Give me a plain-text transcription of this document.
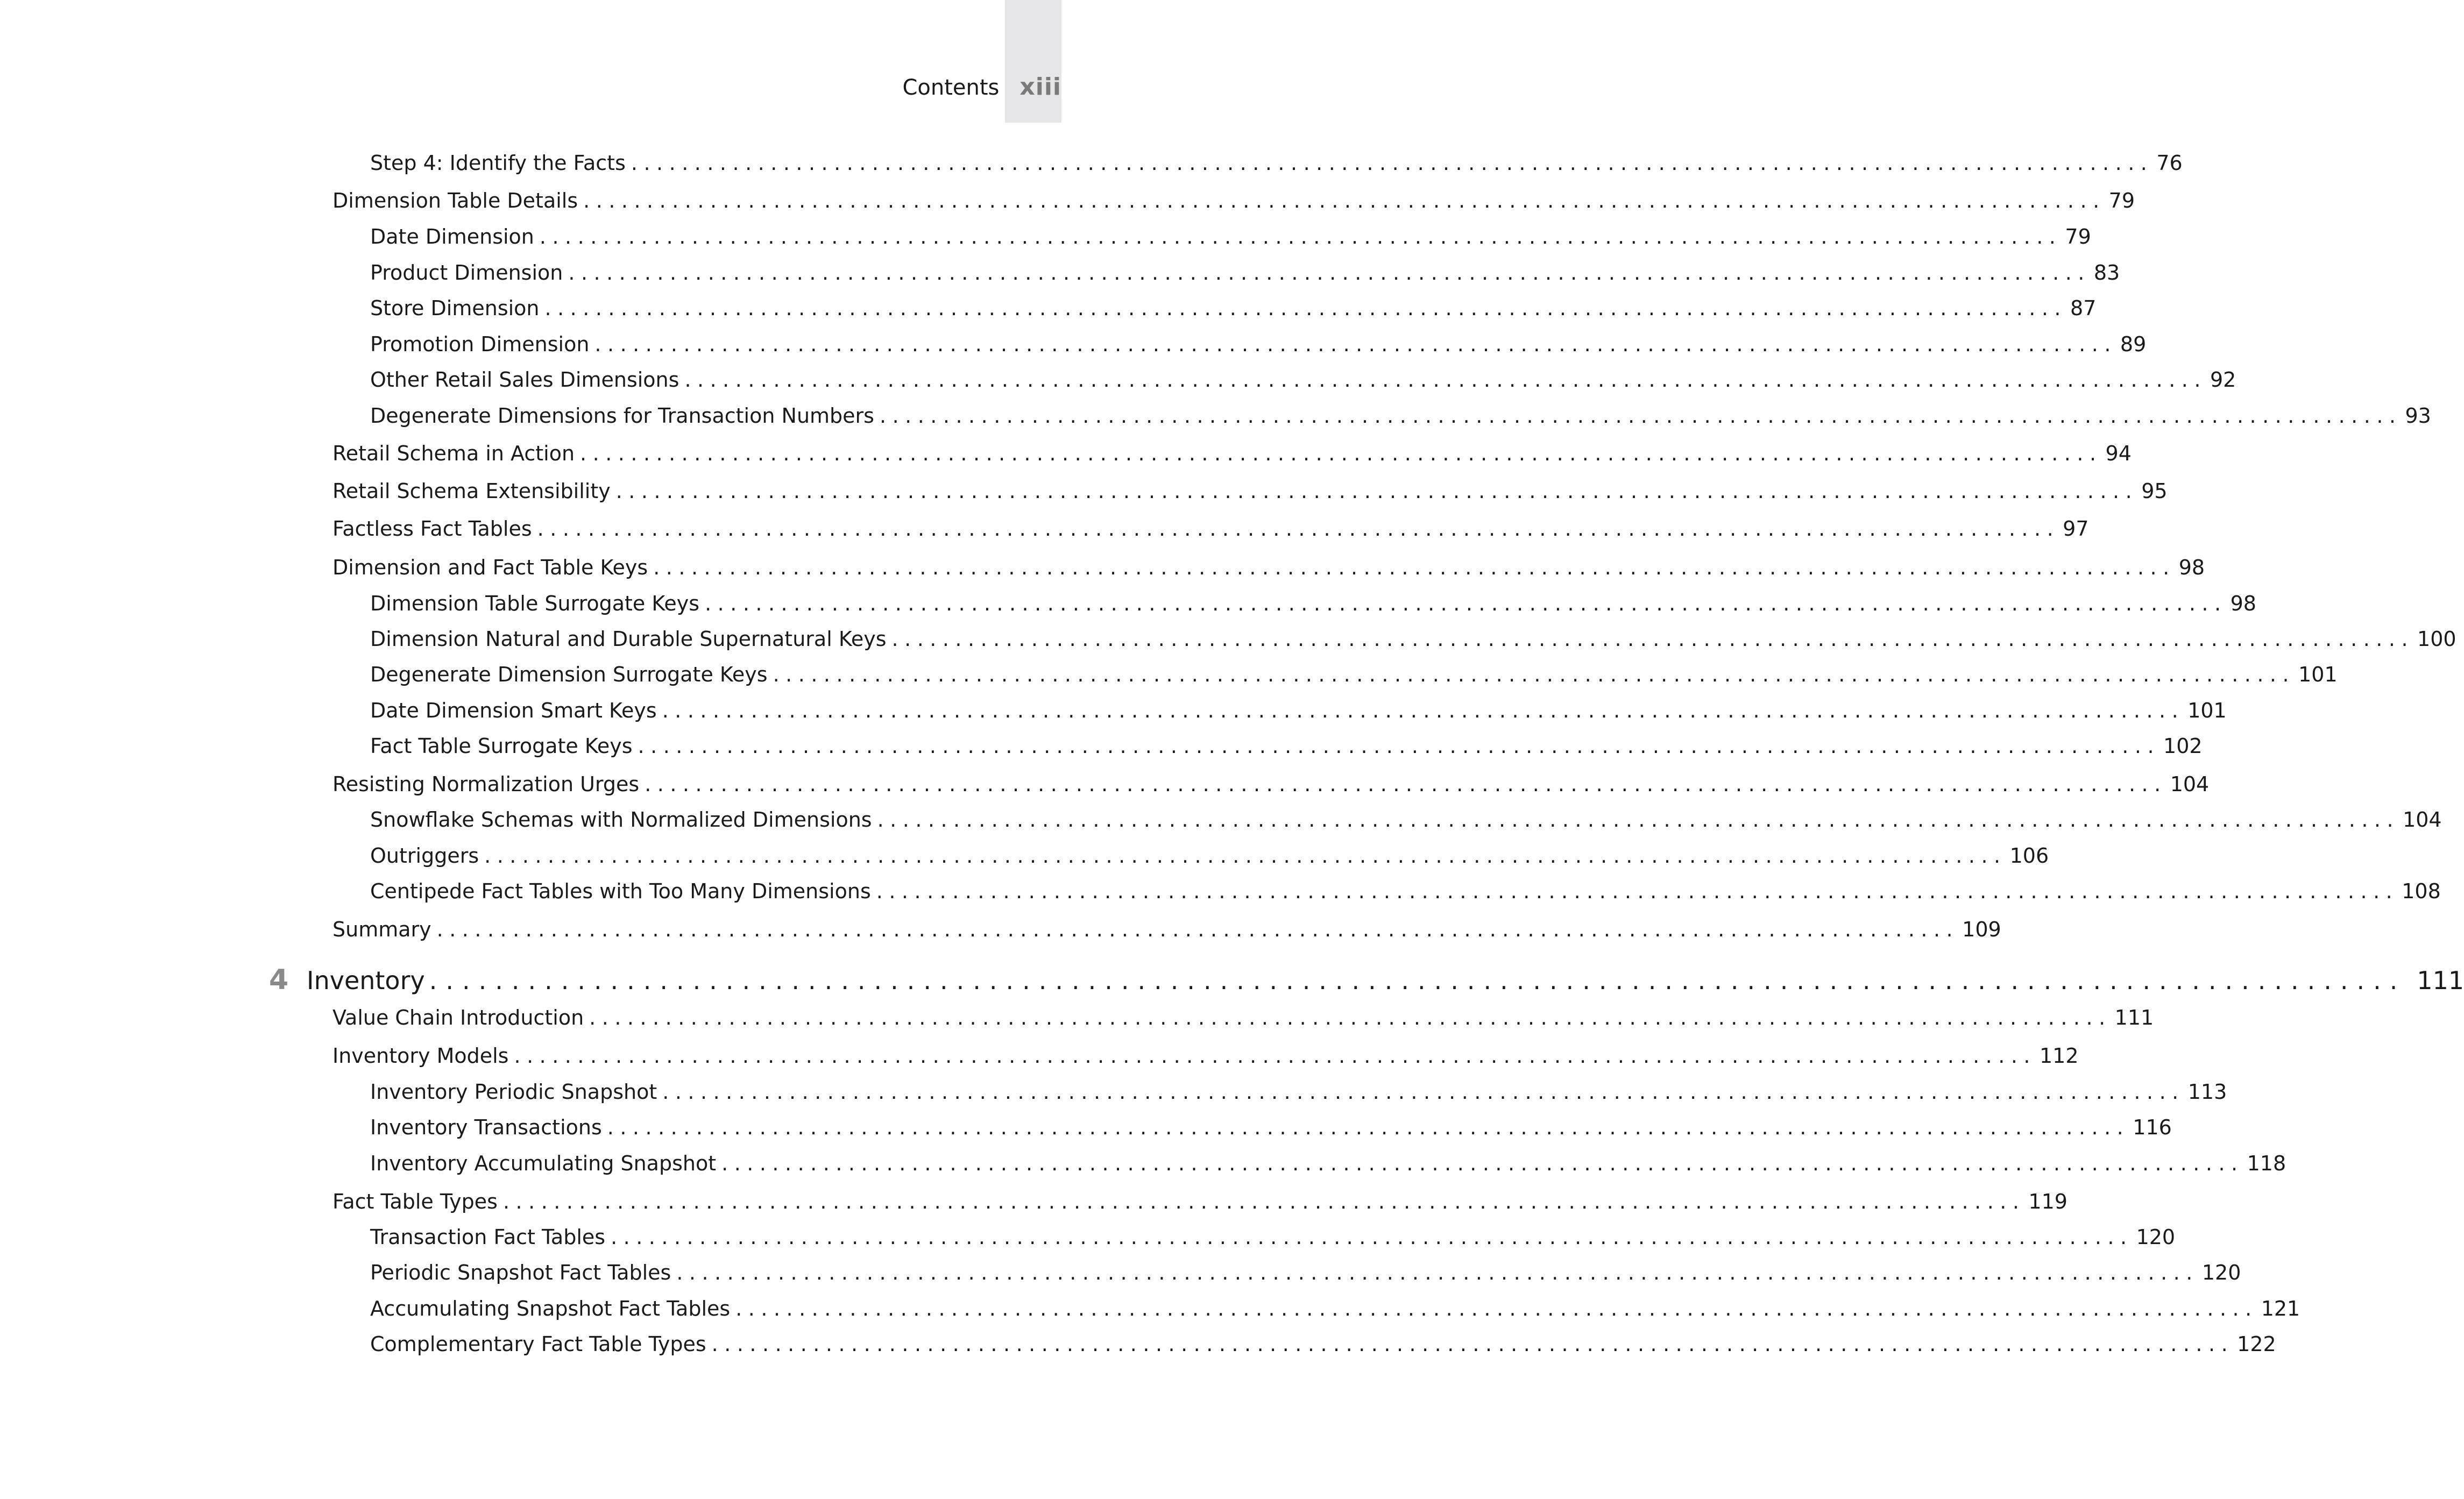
Contents xiii
Step 4: Identify the Facts ........................................................................................................................ 76
Dimension Table Details ........................................................................................................................ 79
Date Dimension ........................................................................................................................ 79
Product Dimension ........................................................................................................................ 83
Store Dimension ........................................................................................................................ 87
Promotion Dimension ........................................................................................................................ 89
Other Retail Sales Dimensions ........................................................................................................................ 92
Degenerate Dimensions for Transaction Numbers ........................................................................................................................ 93
Retail Schema in Action ........................................................................................................................ 94
Retail Schema Extensibility ........................................................................................................................ 95
Factless Fact Tables ........................................................................................................................ 97
Dimension and Fact Table Keys ........................................................................................................................ 98
Dimension Table Surrogate Keys ........................................................................................................................ 98
Dimension Natural and Durable Supernatural Keys ........................................................................................................................ 100
Degenerate Dimension Surrogate Keys ........................................................................................................................ 101
Date Dimension Smart Keys ........................................................................................................................ 101
Fact Table Surrogate Keys ........................................................................................................................ 102
Resisting Normalization Urges ........................................................................................................................ 104
Snowflake Schemas with Normalized Dimensions ........................................................................................................................ 104
Outriggers ........................................................................................................................ 106
Centipede Fact Tables with Too Many Dimensions ........................................................................................................................ 108
Summary ........................................................................................................................ 109
4 Inventory ........................................................................................................................ 111
Value Chain Introduction ........................................................................................................................ 111
Inventory Models ........................................................................................................................ 112
Inventory Periodic Snapshot ........................................................................................................................ 113
Inventory Transactions ........................................................................................................................ 116
Inventory Accumulating Snapshot ........................................................................................................................ 118
Fact Table Types ........................................................................................................................ 119
Transaction Fact Tables ........................................................................................................................ 120
Periodic Snapshot Fact Tables ........................................................................................................................ 120
Accumulating Snapshot Fact Tables ........................................................................................................................ 121
Complementary Fact Table Types ........................................................................................................................ 122
